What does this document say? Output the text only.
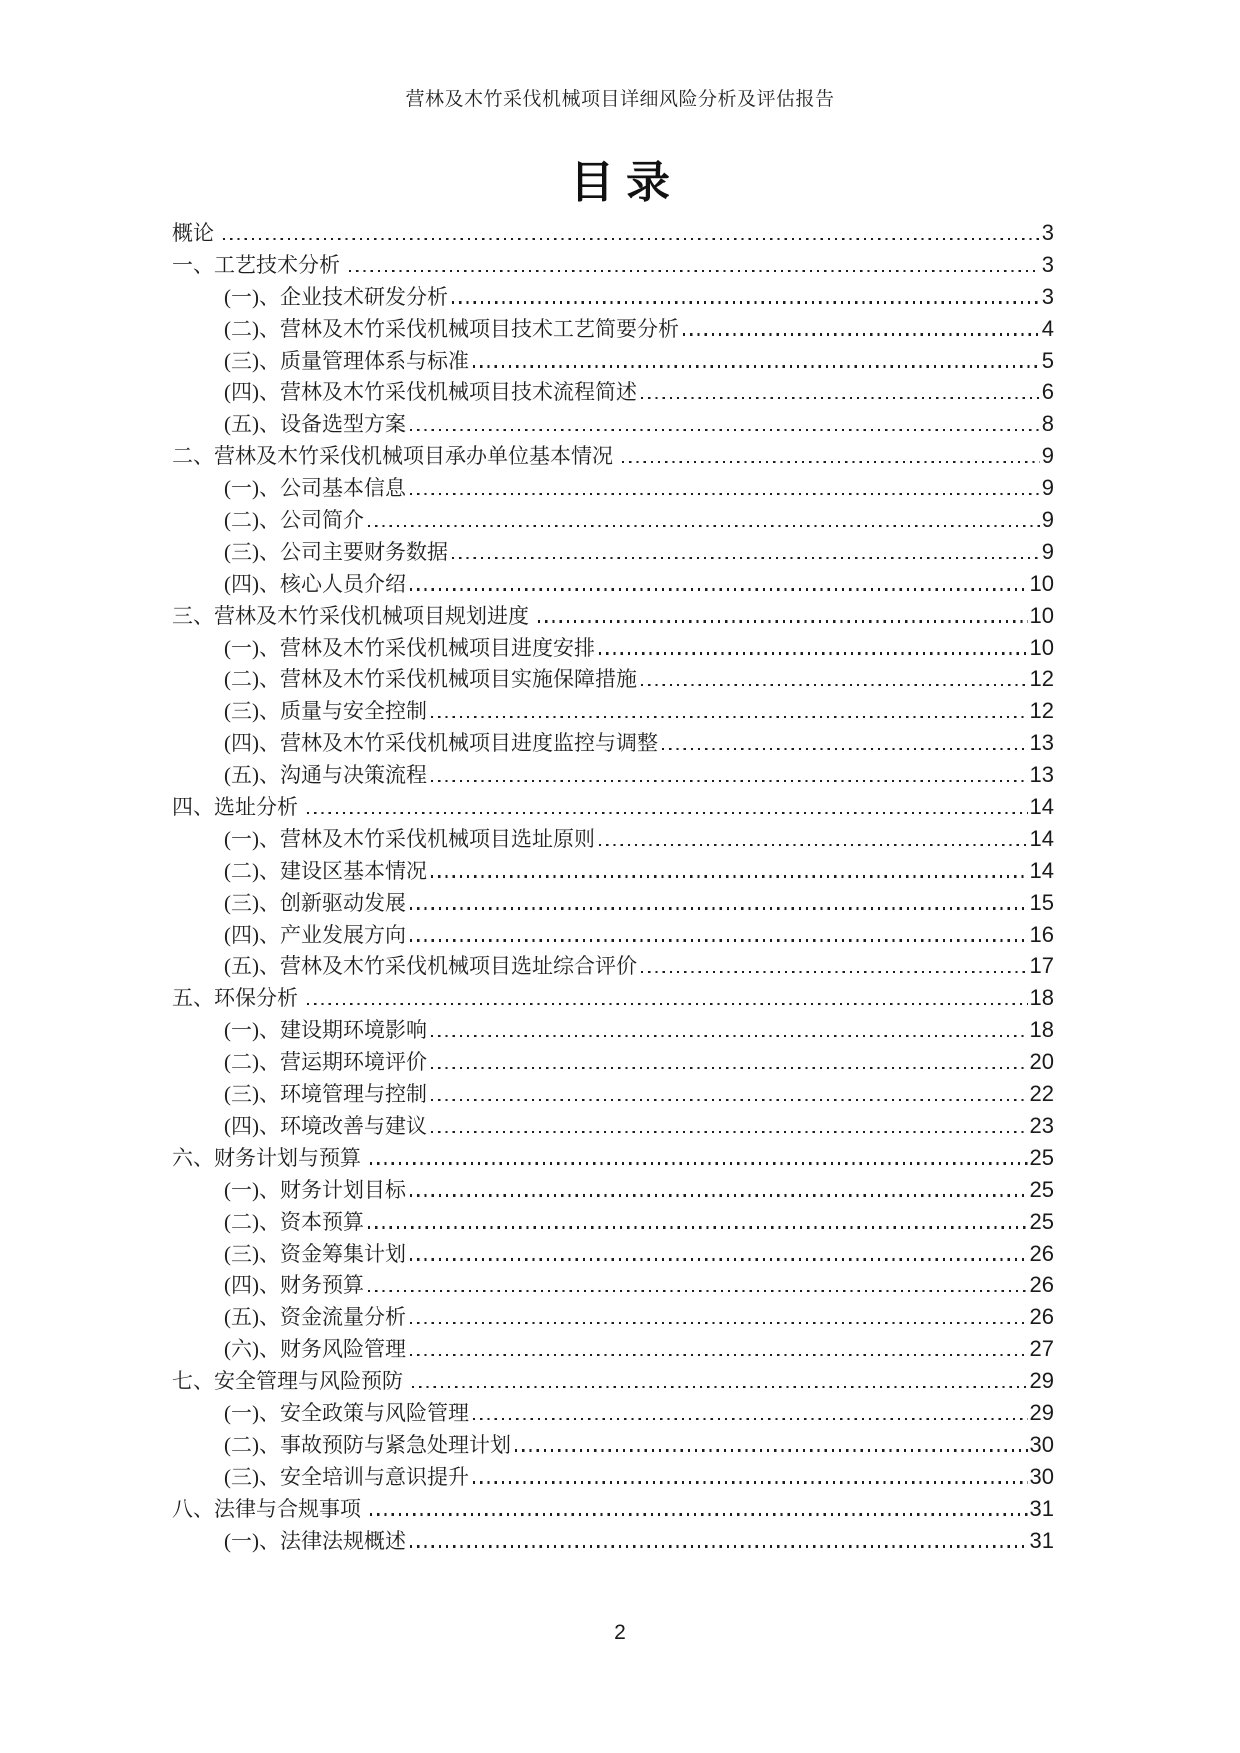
营林及木竹采伐机械项目详细风险分析及评估报告
目录
概论	3
一、工艺技术分析	3
(一)、企业技术研发分析	3
(二)、营林及木竹采伐机械项目技术工艺简要分析	4
(三)、质量管理体系与标准	5
(四)、营林及木竹采伐机械项目技术流程简述	6
(五)、设备选型方案	8
二、营林及木竹采伐机械项目承办单位基本情况	9
(一)、公司基本信息	9
(二)、公司简介	9
(三)、公司主要财务数据	9
(四)、核心人员介绍	10
三、营林及木竹采伐机械项目规划进度	10
(一)、营林及木竹采伐机械项目进度安排	10
(二)、营林及木竹采伐机械项目实施保障措施	12
(三)、质量与安全控制	12
(四)、营林及木竹采伐机械项目进度监控与调整	13
(五)、沟通与决策流程	13
四、选址分析	14
(一)、营林及木竹采伐机械项目选址原则	14
(二)、建设区基本情况	14
(三)、创新驱动发展	15
(四)、产业发展方向	16
(五)、营林及木竹采伐机械项目选址综合评价	17
五、环保分析	18
(一)、建设期环境影响	18
(二)、营运期环境评价	20
(三)、环境管理与控制	22
(四)、环境改善与建议	23
六、财务计划与预算	25
(一)、财务计划目标	25
(二)、资本预算	25
(三)、资金筹集计划	26
(四)、财务预算	26
(五)、资金流量分析	26
(六)、财务风险管理	27
七、安全管理与风险预防	29
(一)、安全政策与风险管理	29
(二)、事故预防与紧急处理计划	30
(三)、安全培训与意识提升	30
八、法律与合规事项	31
(一)、法律法规概述	31
2
